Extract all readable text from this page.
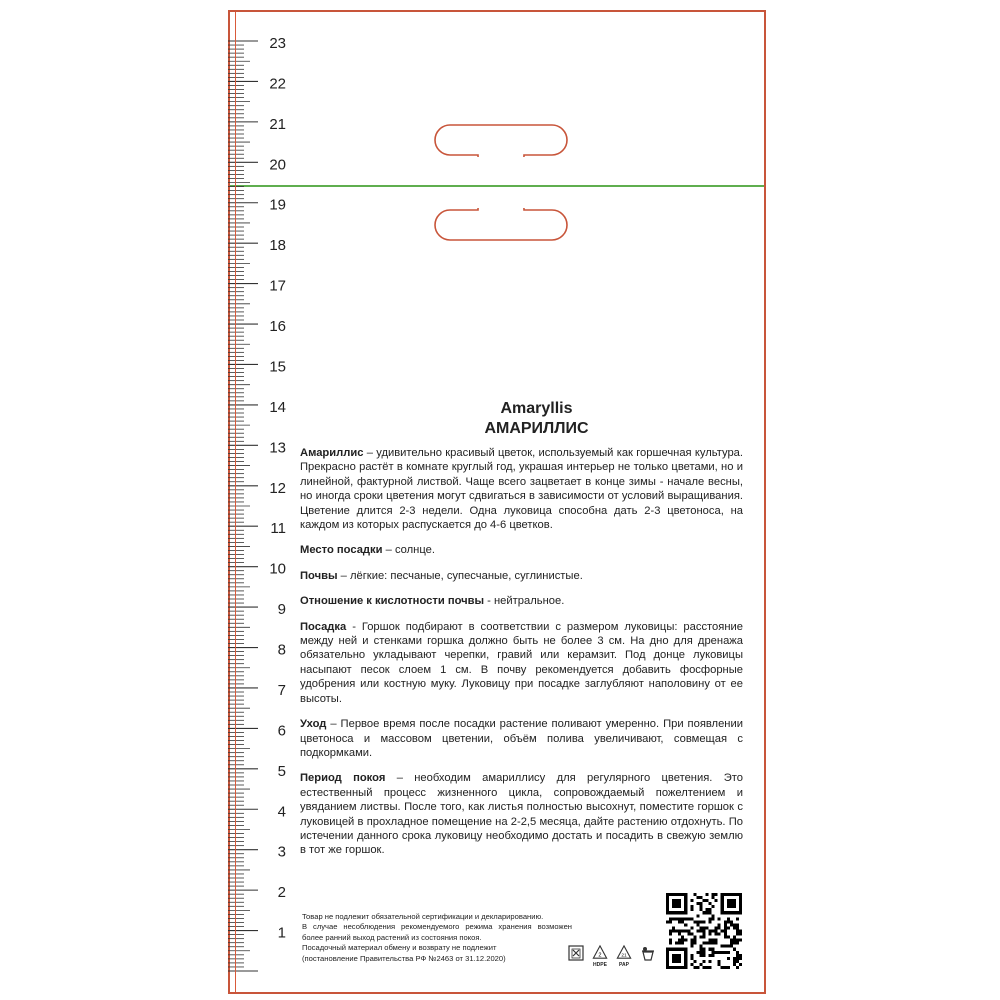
23
22
21
20
19
18
17
16
15
14
13
12
11
10
9
8
7
6
5
4
3
2
1
Amaryllis
АМАРИЛЛИС

Амариллис – удивительно красивый цветок, используемый как горшечная культура. Прекрасно растёт в комнате круглый год, украшая интерьер не только цветами, но и линейной, фактурной листвой. Чаще всего зацветает в конце зимы - начале весны, но иногда сроки цветения могут сдвигаться в зависимости от условий выращивания. Цветение длится 2-3 недели. Одна луковица способна дать 2-3 цветоноса, на каждом из которых распускается до 4-6 цветков.

Место посадки – солнце.

Почвы – лёгкие: песчаные, супесчаные, суглинистые.

Отношение к кислотности почвы - нейтральное.

Посадка - Горшок подбирают в соответствии с размером луковицы: расстояние между ней и стенками горшка должно быть не более 3 см. На дно для дренажа обязательно укладывают черепки, гравий или керамзит. Под донце луковицы насыпают песок слоем 1 см. В почву рекомендуется добавить фосфорные удобрения или костную муку. Луковицу при посадке заглубляют наполовину от ее высоты.

Уход – Первое время после посадки растение поливают умеренно. При появлении цветоноса и массовом цветении, объём полива увеличивают, совмещая с подкормками.

Период покоя – необходим амариллису для регулярного цветения. Это естественный процесс жизненного цикла, сопровождаемый пожелтением и увяданием листвы. После того, как листья полностью высохнут, поместите горшок с луковицей в прохладное помещение на 2-2,5 месяца, дайте растению отдохнуть. По истечении данного срока луковицу необходимо достать и посадить в свежую землю в тот же горшок.

Товар не подлежит обязательной сертификации и декларированию.

В случае несоблюдения рекомендуемого режима хранения возможен более ранний выход растений из состояния покоя.

Посадочный материал обмену и возврату не подлежит

(постановление Правительства РФ №2463 от 31.12.2020)	2
HDPE
21
PAP
